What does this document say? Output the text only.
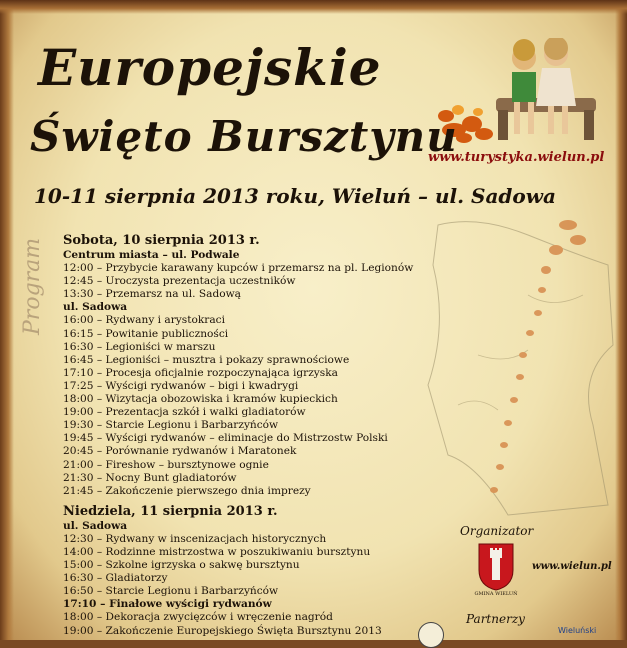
Europejskie
Święto Bursztynu
www.turystyka.wielun.pl
10-11 sierpnia 2013 roku, Wieluń – ul. Sadowa
Program Sobota, 10 sierpnia 2013 r.

Centrum miasta – ul. Podwale
12:00 – Przybycie karawany kupców i przemarsz na pl. Legionów
12:45 – Uroczysta prezentacja uczestników
13:30 – Przemarsz na ul. Sadową
ul. Sadowa
16:00 – Rydwany i arystokraci
16:15 – Powitanie publiczności
16:30 – Legioniści w marszu
16:45 – Legioniści – musztra i pokazy sprawnościowe
17:10 – Procesja oficjalnie rozpoczynająca igrzyska
17:25 – Wyścigi rydwanów – bigi i kwadrygi
18:00 – Wizytacja obozowiska i kramów kupieckich
19:00 – Prezentacja szkół i walki gladiatorów
19:30 – Starcie Legionu i Barbarzyńców
19:45 – Wyścigi rydwanów – eliminacje do Mistrzostw Polski
20:45 – Porównanie rydwanów i Maratonek
21:00 – Fireshow – bursztynowe ognie
21:30 – Nocny Bunt gladiatorów
21:45 – Zakończenie pierwszego dnia imprezy

Niedziela, 11 sierpnia 2013 r.

ul. Sadowa
12:30 – Rydwany w inscenizacjach historycznych
14:00 – Rodzinne mistrzostwa w poszukiwaniu bursztynu
15:00 – Szkolne igrzyska o sakwę bursztynu
16:30 – Gladiatorzy
16:50 – Starcie Legionu i Barbarzyńców
17:10 – Finałowe wyścigi rydwanów
18:00 – Dekoracja zwycięzców i wręczenie nagród
19:00 – Zakończenie Europejskiego Święta Bursztynu 2013
Organizator
GMINA WIELUŃ
www.wielun.pl
Partnerzy
Wieluński
